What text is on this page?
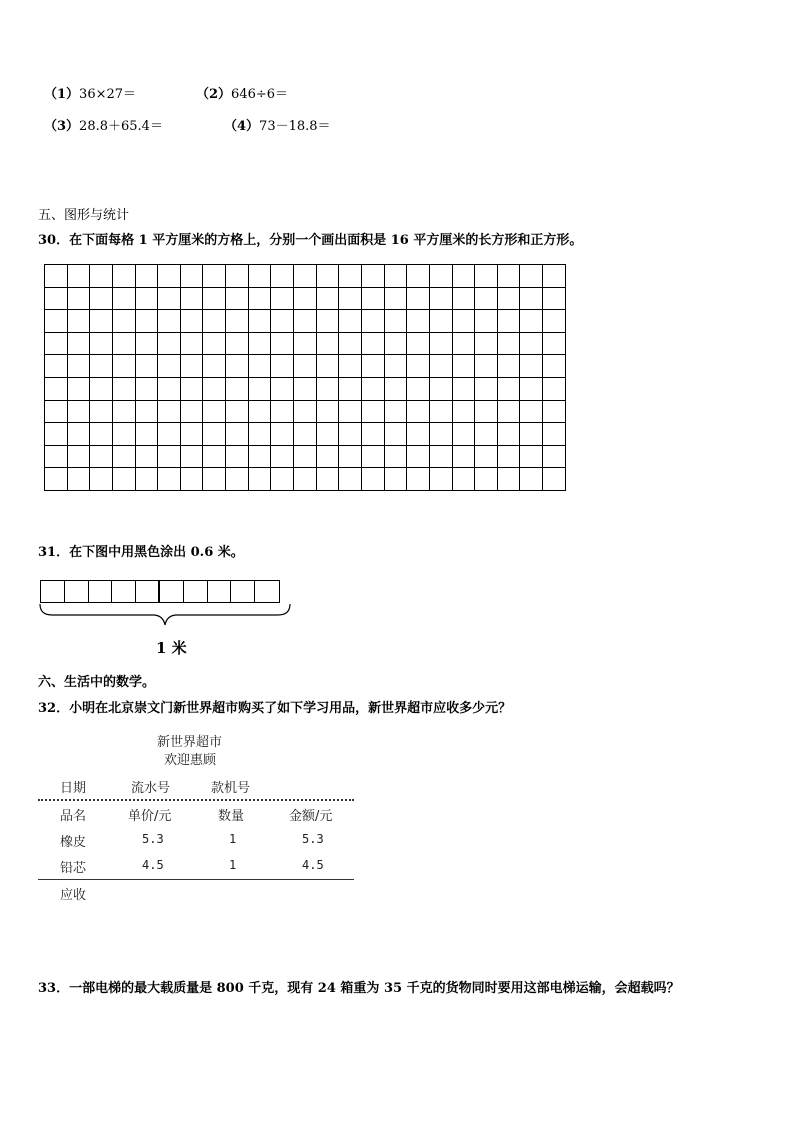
（1）36×27＝	（2）646÷6＝
（3）28.8＋65.4＝	（4）73－18.8＝
五、图形与统计
30．在下面每格 1 平方厘米的方格上，分别一个画出面积是 16 平方厘米的长方形和正方形。
31．在下图中用黑色涂出 0.6 米。
1 米
六、生活中的数学。
32．小明在北京崇文门新世界超市购买了如下学习用品，新世界超市应收多少元？
新世界超市
欢迎惠顾
日期	流水号	款机号
品名	单价/元	数量	金额/元
橡皮	5.3	1	5.3
铅芯	4.5	1	4.5
应收
33．一部电梯的最大载质量是 800 千克，现有 24 箱重为 35 千克的货物同时要用这部电梯运输，会超载吗？
